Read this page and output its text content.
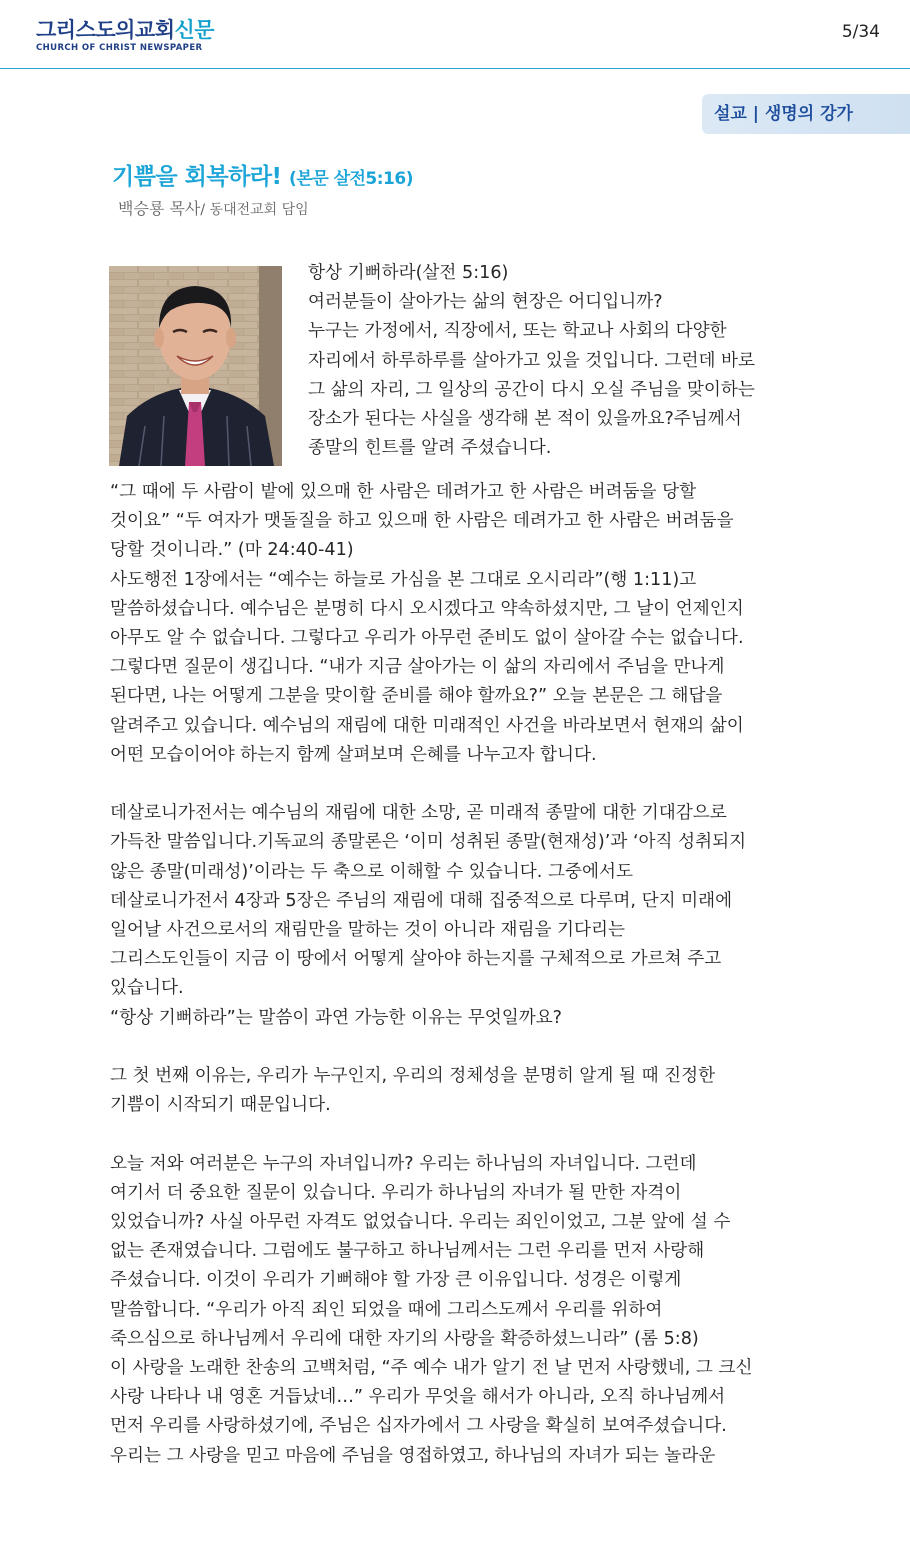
그리스도의교회신문
CHURCH OF CHRIST NEWSPAPER
5/34
설교 | 생명의 강가
기쁨을 회복하라! (본문 살전5:16)
백승룡 목사/ 동대전교회 담임
항상 기뻐하라(살전 5:16)
여러분들이 살아가는 삶의 현장은 어디입니까?
누구는 가정에서, 직장에서, 또는 학교나 사회의 다양한
자리에서 하루하루를 살아가고 있을 것입니다. 그런데 바로
그 삶의 자리, 그 일상의 공간이 다시 오실 주님을 맞이하는
장소가 된다는 사실을 생각해 본 적이 있을까요?주님께서
종말의 힌트를 알려 주셨습니다.
“그 때에 두 사람이 밭에 있으매 한 사람은 데려가고 한 사람은 버려둠을 당할
것이요” “두 여자가 맷돌질을 하고 있으매 한 사람은 데려가고 한 사람은 버려둠을
당할 것이니라.” (마 24:40-41)
사도행전 1장에서는 “예수는 하늘로 가심을 본 그대로 오시리라”(행 1:11)고
말씀하셨습니다. 예수님은 분명히 다시 오시겠다고 약속하셨지만, 그 날이 언제인지
아무도 알 수 없습니다. 그렇다고 우리가 아무런 준비도 없이 살아갈 수는 없습니다.
그렇다면 질문이 생깁니다. “내가 지금 살아가는 이 삶의 자리에서 주님을 만나게
된다면, 나는 어떻게 그분을 맞이할 준비를 해야 할까요?” 오늘 본문은 그 해답을
알려주고 있습니다. 예수님의 재림에 대한 미래적인 사건을 바라보면서 현재의 삶이
어떤 모습이어야 하는지 함께 살펴보며 은혜를 나누고자 합니다.
데살로니가전서는 예수님의 재림에 대한 소망, 곧 미래적 종말에 대한 기대감으로
가득찬 말씀입니다.기독교의 종말론은 ‘이미 성취된 종말(현재성)’과 ‘아직 성취되지
않은 종말(미래성)’이라는 두 축으로 이해할 수 있습니다. 그중에서도
데살로니가전서 4장과 5장은 주님의 재림에 대해 집중적으로 다루며, 단지 미래에
일어날 사건으로서의 재림만을 말하는 것이 아니라 재림을 기다리는
그리스도인들이 지금 이 땅에서 어떻게 살아야 하는지를 구체적으로 가르쳐 주고
있습니다.
“항상 기뻐하라”는 말씀이 과연 가능한 이유는 무엇일까요?
그 첫 번째 이유는, 우리가 누구인지, 우리의 정체성을 분명히 알게 될 때 진정한
기쁨이 시작되기 때문입니다.
오늘 저와 여러분은 누구의 자녀입니까? 우리는 하나님의 자녀입니다. 그런데
여기서 더 중요한 질문이 있습니다. 우리가 하나님의 자녀가 될 만한 자격이
있었습니까? 사실 아무런 자격도 없었습니다. 우리는 죄인이었고, 그분 앞에 설 수
없는 존재였습니다. 그럼에도 불구하고 하나님께서는 그런 우리를 먼저 사랑해
주셨습니다. 이것이 우리가 기뻐해야 할 가장 큰 이유입니다. 성경은 이렇게
말씀합니다. “우리가 아직 죄인 되었을 때에 그리스도께서 우리를 위하여
죽으심으로 하나님께서 우리에 대한 자기의 사랑을 확증하셨느니라” (롬 5:8)
이 사랑을 노래한 찬송의 고백처럼, “주 예수 내가 알기 전 날 먼저 사랑했네, 그 크신
사랑 나타나 내 영혼 거듭났네…” 우리가 무엇을 해서가 아니라, 오직 하나님께서
먼저 우리를 사랑하셨기에, 주님은 십자가에서 그 사랑을 확실히 보여주셨습니다.
우리는 그 사랑을 믿고 마음에 주님을 영접하였고, 하나님의 자녀가 되는 놀라운
